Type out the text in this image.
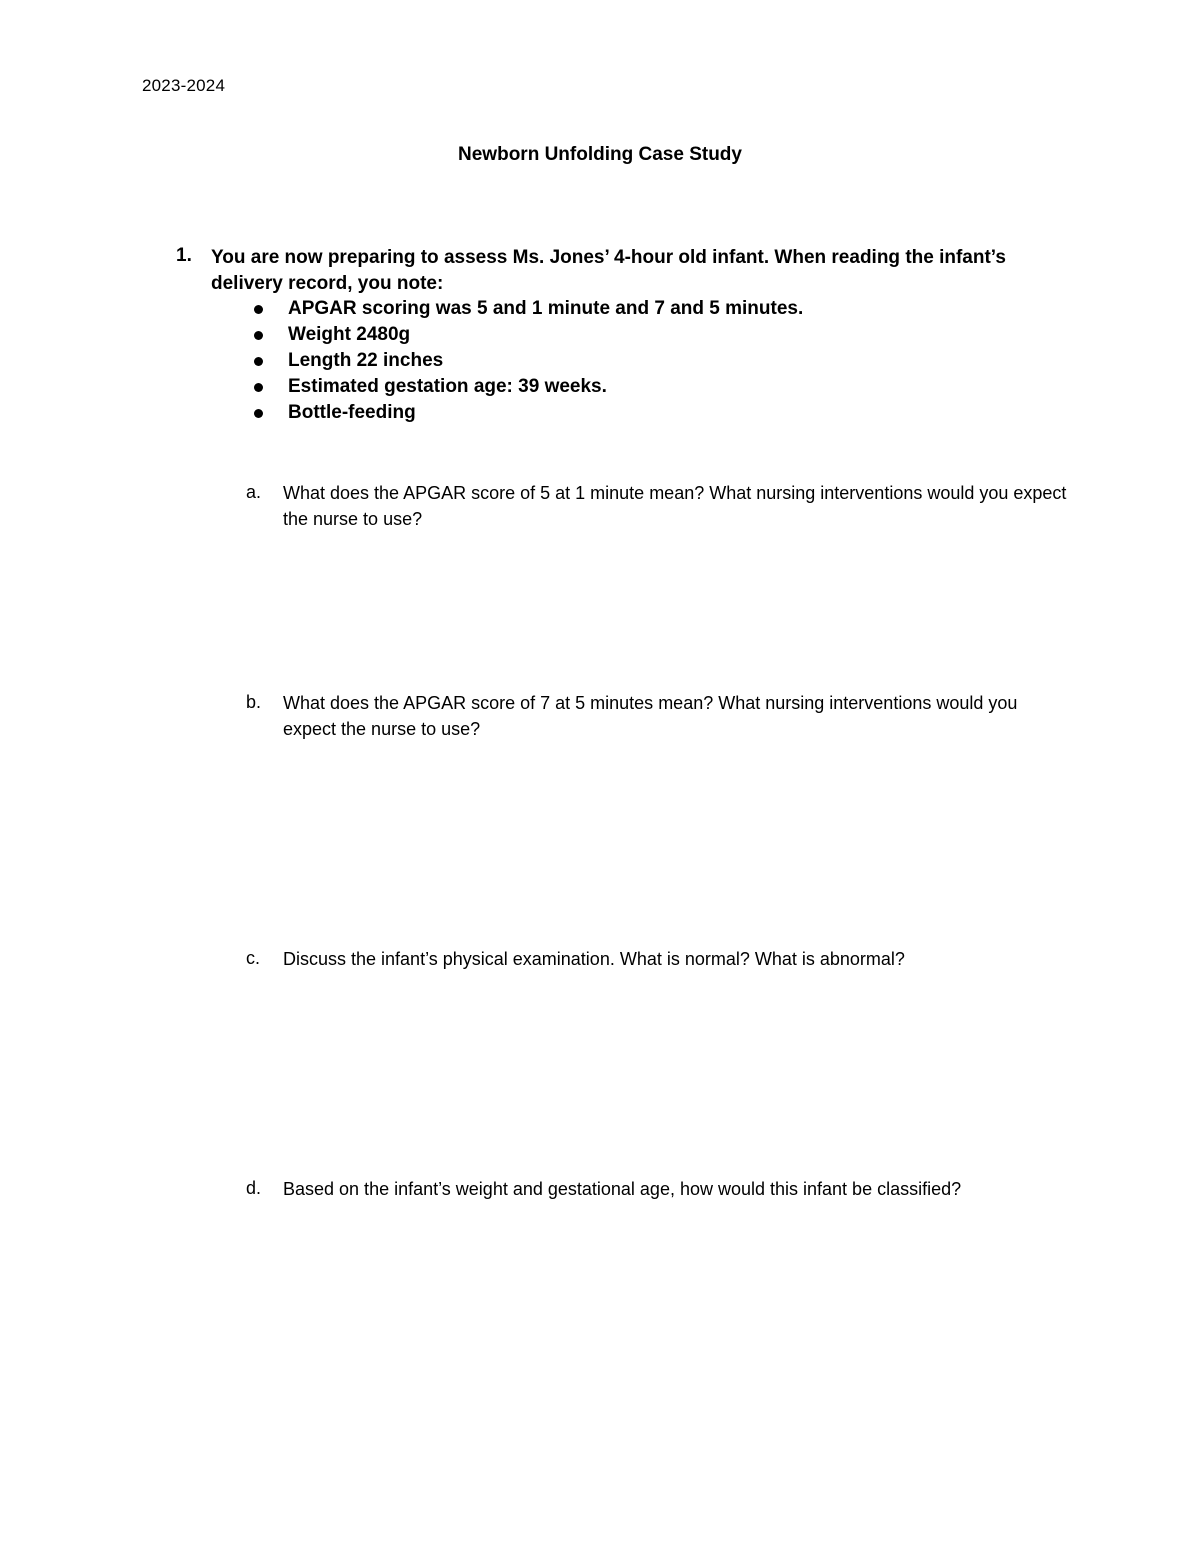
2023-2024
Newborn Unfolding Case Study
1. You are now preparing to assess Ms. Jones’ 4-hour old infant. When reading the infant’s delivery record, you note:
APGAR scoring was 5 and 1 minute and 7 and 5 minutes.
Weight 2480g
Length 22 inches
Estimated gestation age: 39 weeks.
Bottle-feeding
a. What does the APGAR score of 5 at 1 minute mean? What nursing interventions would you expect the nurse to use?
b. What does the APGAR score of 7 at 5 minutes mean? What nursing interventions would you expect the nurse to use?
c. Discuss the infant’s physical examination. What is normal? What is abnormal?
d. Based on the infant’s weight and gestational age, how would this infant be classified?
